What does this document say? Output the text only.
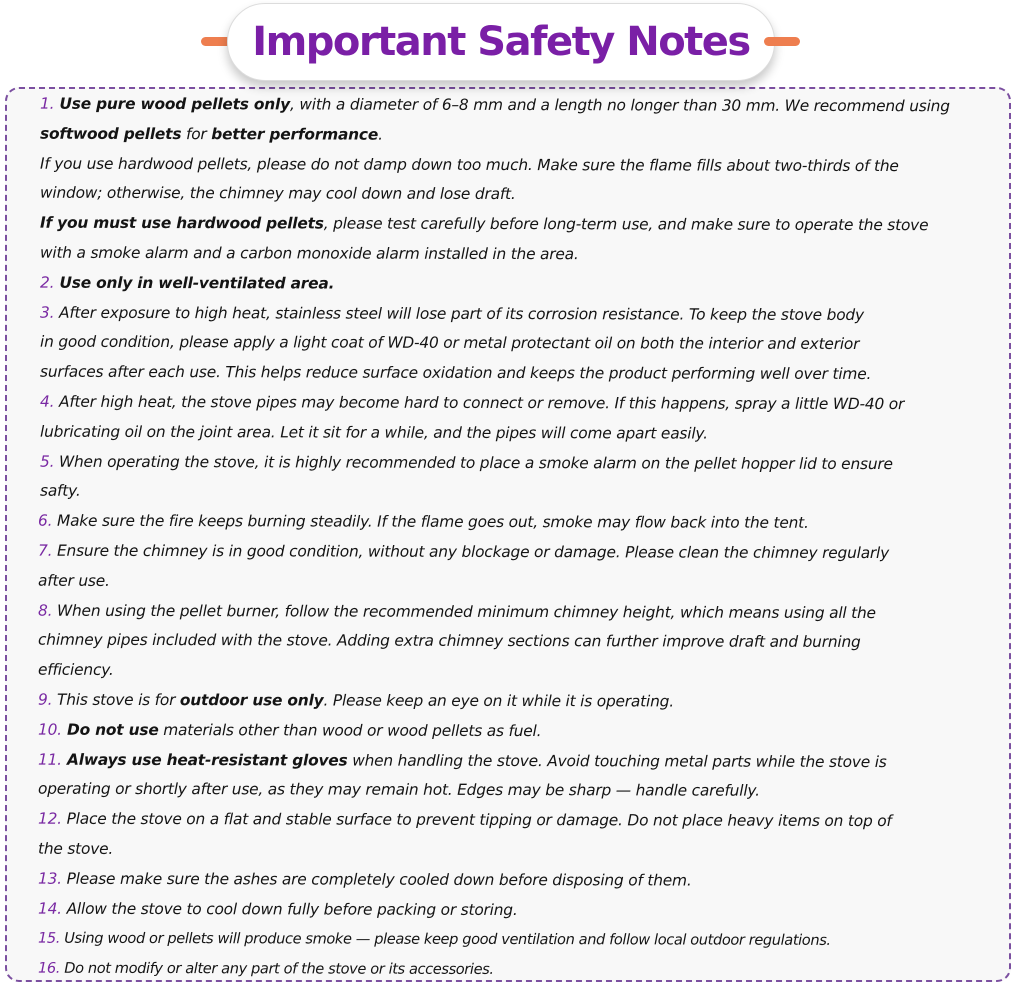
Important Safety Notes
1. Use pure wood pellets only, with a diameter of 6–8 mm and a length no longer than 30 mm. We recommend using
softwood pellets for better performance.
If you use hardwood pellets, please do not damp down too much. Make sure the flame fills about two-thirds of the
window; otherwise, the chimney may cool down and lose draft.
If you must use hardwood pellets, please test carefully before long-term use, and make sure to operate the stove
with a smoke alarm and a carbon monoxide alarm installed in the area.
2. Use only in well-ventilated area.
3. After exposure to high heat, stainless steel will lose part of its corrosion resistance. To keep the stove body
in good condition, please apply a light coat of WD-40 or metal protectant oil on both the interior and exterior
surfaces after each use. This helps reduce surface oxidation and keeps the product performing well over time.
4. After high heat, the stove pipes may become hard to connect or remove. If this happens, spray a little WD-40 or
lubricating oil on the joint area. Let it sit for a while, and the pipes will come apart easily.
5. When operating the stove, it is highly recommended to place a smoke alarm on the pellet hopper lid to ensure
safty.
6. Make sure the fire keeps burning steadily. If the flame goes out, smoke may flow back into the tent.
7. Ensure the chimney is in good condition, without any blockage or damage. Please clean the chimney regularly
after use.
8. When using the pellet burner, follow the recommended minimum chimney height, which means using all the
chimney pipes included with the stove. Adding extra chimney sections can further improve draft and burning
efficiency.
9. This stove is for outdoor use only. Please keep an eye on it while it is operating.
10. Do not use materials other than wood or wood pellets as fuel.
11. Always use heat-resistant gloves when handling the stove. Avoid touching metal parts while the stove is
operating or shortly after use, as they may remain hot. Edges may be sharp — handle carefully.
12. Place the stove on a flat and stable surface to prevent tipping or damage. Do not place heavy items on top of
the stove.
13. Please make sure the ashes are completely cooled down before disposing of them.
14. Allow the stove to cool down fully before packing or storing.
15. Using wood or pellets will produce smoke — please keep good ventilation and follow local outdoor regulations.
16. Do not modify or alter any part of the stove or its accessories.
